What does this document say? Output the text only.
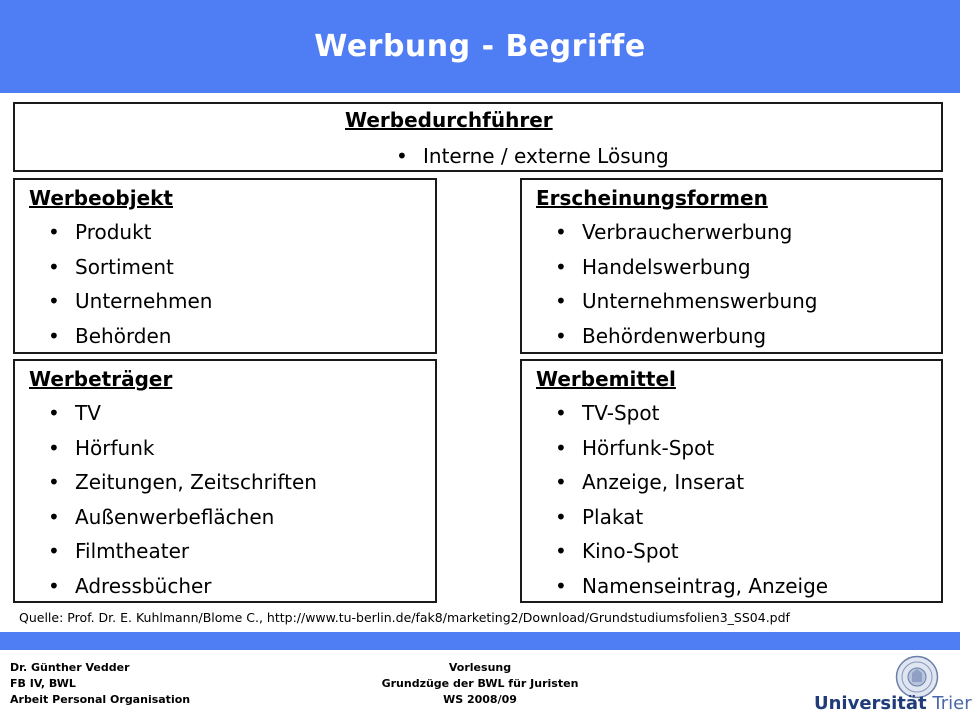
Werbung - Begriffe
Werbedurchführer
• Interne / externe Lösung
Werbeobjekt
• Produkt
• Sortiment
• Unternehmen
• Behörden
Erscheinungsformen
• Verbraucherwerbung
• Handelswerbung
• Unternehmenswerbung
• Behördenwerbung
Werbeträger
• TV
• Hörfunk
• Zeitungen, Zeitschriften
• Außenwerbeflächen
• Filmtheater
• Adressbücher
Werbemittel
• TV-Spot
• Hörfunk-Spot
• Anzeige, Inserat
• Plakat
• Kino-Spot
• Namenseintrag, Anzeige
Quelle: Prof. Dr. E. Kuhlmann/Blome C., http://www.tu-berlin.de/fak8/marketing2/Download/Grundstudiumsfolien3_SS04.pdf
Dr. Günther Vedder
FB IV, BWL
Arbeit Personal Organisation
Vorlesung
Grundzüge der BWL für Juristen
WS 2008/09	Universität Trier
